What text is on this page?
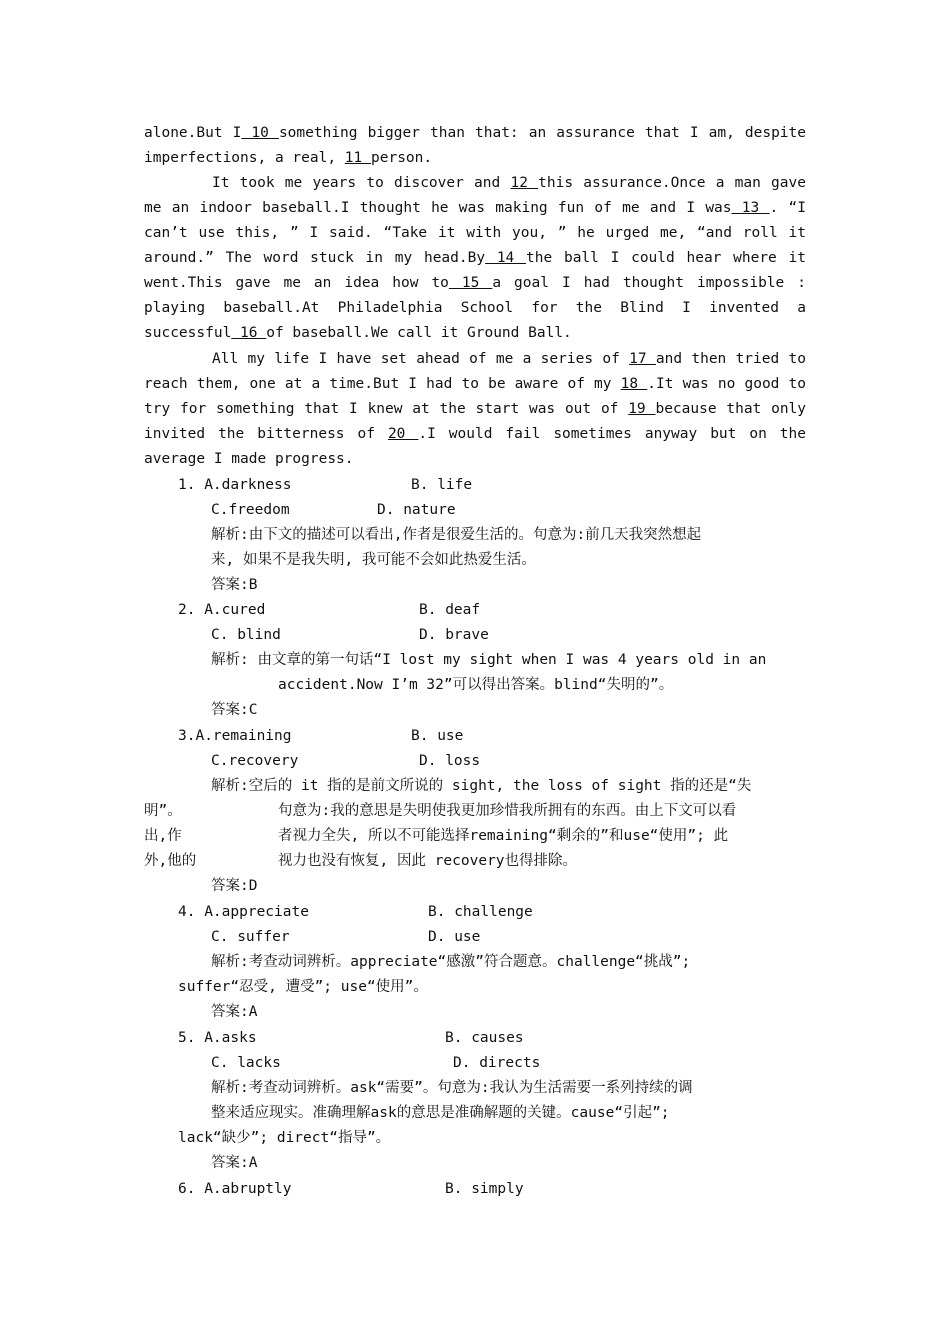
alone.But I 10 something bigger than that: an assurance that I am, despite
imperfections, a real, 11 person.
It took me years to discover and 12 this assurance.Once a man gave
me an indoor baseball.I thought he was making fun of me and I was 13 . “I
can’t use this, ” I said. “Take it with you, ” he urged me, “and roll it
around.” The word stuck in my head.By 14 the ball I could hear where it
went.This gave me an idea how to 15 a goal I had thought impossible :
playing baseball.At Philadelphia School for the Blind I invented a
successful 16 of baseball.We call it Ground Ball.
All my life I have set ahead of me a series of 17 and then tried to
reach them, one at a time.But I had to be aware of my 18 .It was no good to
try for something that I knew at the start was out of 19 because that only
invited the bitterness of 20 .I would fail sometimes anyway but on the
average I made progress.
1. A.darkness	B. life
C.freedom	D. nature
解析:由下文的描述可以看出,作者是很爱生活的。句意为:前几天我突然想起
来, 如果不是我失明, 我可能不会如此热爱生活。
答案:B
2. A.cured	B. deaf
C. blind	D. brave
解析: 由文章的第一句话“I lost my sight when I was 4 years old in an
accident.Now I’m 32”可以得出答案。blind“失明的”。
答案:C
3.A.remaining	B. use
C.recovery	D. loss
解析:空后的 it 指的是前文所说的 sight, the loss of sight 指的还是“失
明”。	句意为:我的意思是失明使我更加珍惜我所拥有的东西。由上下文可以看
出,作	者视力全失, 所以不可能选择remaining“剩余的”和use“使用”; 此
外,他的	视力也没有恢复, 因此 recovery也得排除。
答案:D
4. A.appreciate	B. challenge
C. suffer	D. use
解析:考查动词辨析。appreciate“感激”符合题意。challenge“挑战”;
suffer“忍受, 遭受”; use“使用”。
答案:A
5. A.asks	B. causes
C. lacks	D. directs
解析:考查动词辨析。ask“需要”。句意为:我认为生活需要一系列持续的调
整来适应现实。准确理解ask的意思是准确解题的关键。cause“引起”;
lack“缺少”; direct“指导”。
答案:A
6. A.abruptly	B. simply
